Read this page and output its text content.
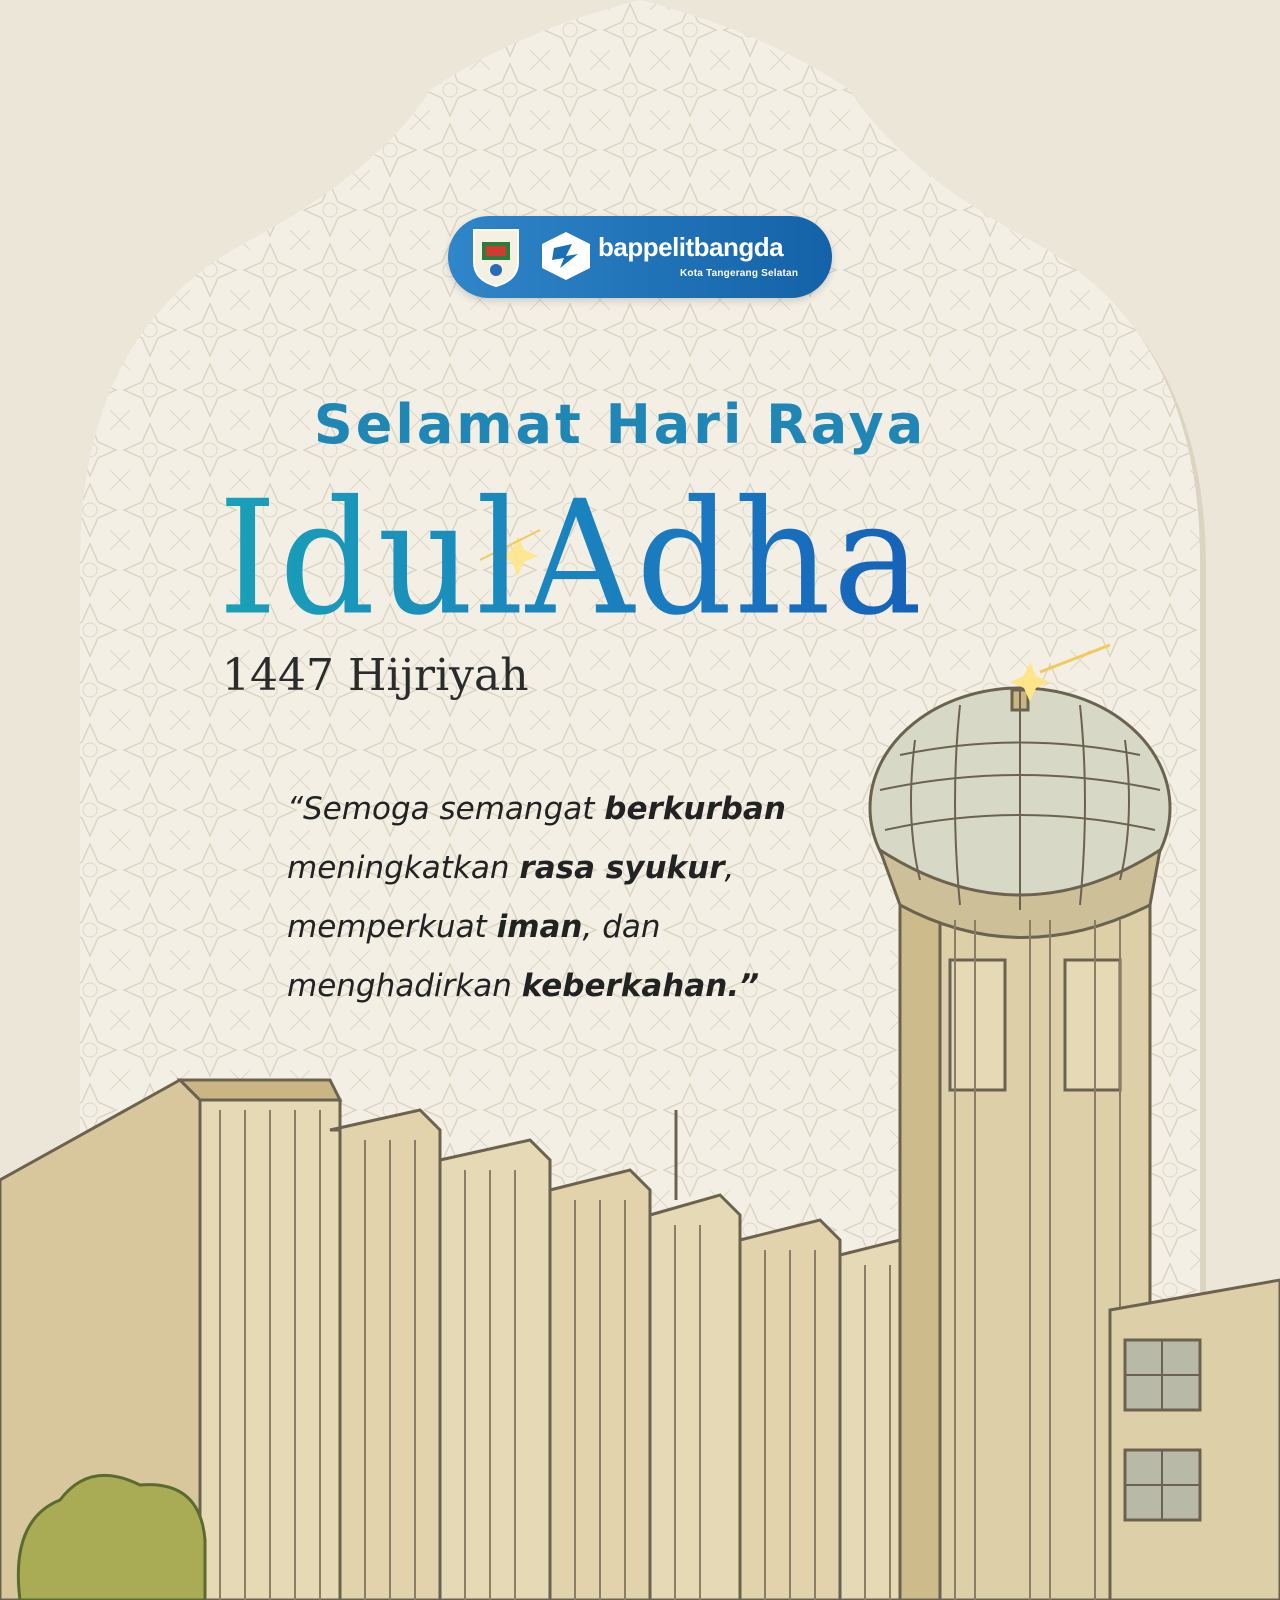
bappelitbangda
Kota Tangerang Selatan
Selamat Hari Raya
IdulAdha
1447 Hijriyah
“Semoga semangat berkurban
meningkatkan rasa syukur,
memperkuat iman, dan
menghadirkan keberkahan.”
